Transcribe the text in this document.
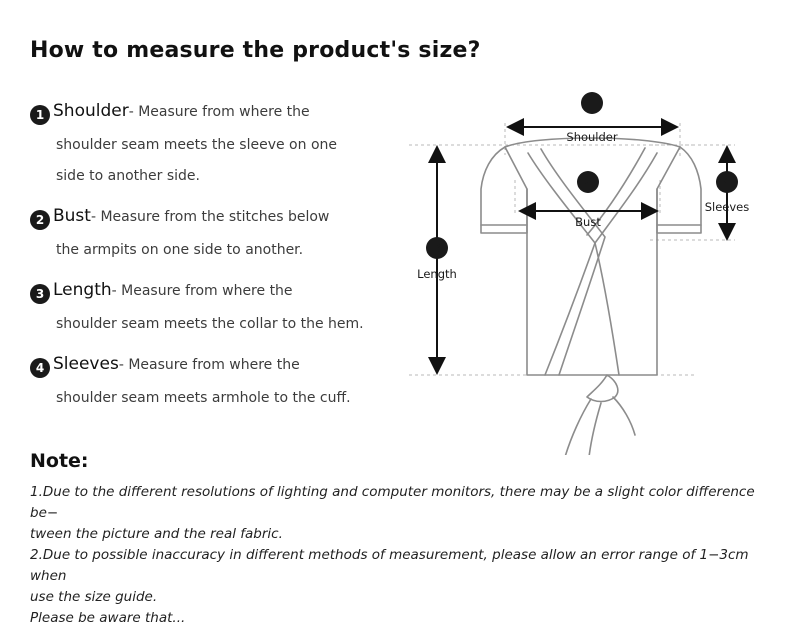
How to measure the product's size?
1 Shoulder- Measure from where the
shoulder seam meets the sleeve on one
side to another side.
2 Bust- Measure from the stitches below
the armpits on one side to another.
3 Length- Measure from where the
shoulder seam meets the collar to the hem.
4 Sleeves- Measure from where the
shoulder seam meets armhole to the cuff.
Note:

1.Due to the different resolutions of lighting and computer monitors, there may be a slight color difference be−

tween the picture and the real fabric.

2.Due to possible inaccuracy in different methods of measurement, please allow an error range of 1−3cm when

use the size guide.

Please be aware that...

1
Shoulder
2
Bust
3
Length
4
Sleeves
